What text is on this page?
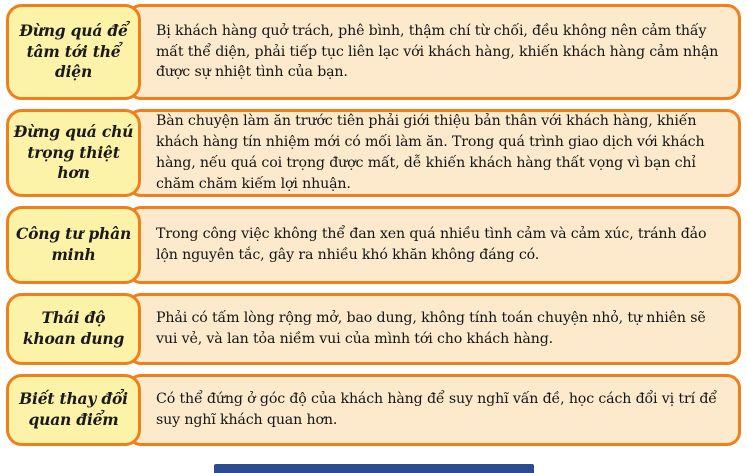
Đừng quá để tâm tới thể diện
Bị khách hàng quở trách, phê bình, thậm chí từ chối, đều không nên cảm thấy mất thể diện, phải tiếp tục liên lạc với khách hàng, khiến khách hàng cảm nhận được sự nhiệt tình của bạn.
Đừng quá chú trọng thiệt hơn
Bàn chuyện làm ăn trước tiên phải giới thiệu bản thân với khách hàng, khiến khách hàng tín nhiệm mới có mối làm ăn. Trong quá trình giao dịch với khách hàng, nếu quá coi trọng được mất, dễ khiến khách hàng thất vọng vì bạn chỉ chăm chăm kiếm lợi nhuận.
Công tư phân minh
Trong công việc không thể đan xen quá nhiều tình cảm và cảm xúc, tránh đảo lộn nguyên tắc, gây ra nhiều khó khăn không đáng có.
Thái độ khoan dung
Phải có tấm lòng rộng mở, bao dung, không tính toán chuyện nhỏ, tự nhiên sẽ vui vẻ, và lan tỏa niềm vui của mình tới cho khách hàng.
Biết thay đổi quan điểm
Có thể đứng ở góc độ của khách hàng để suy nghĩ vấn đề, học cách đổi vị trí để suy nghĩ khách quan hơn.
